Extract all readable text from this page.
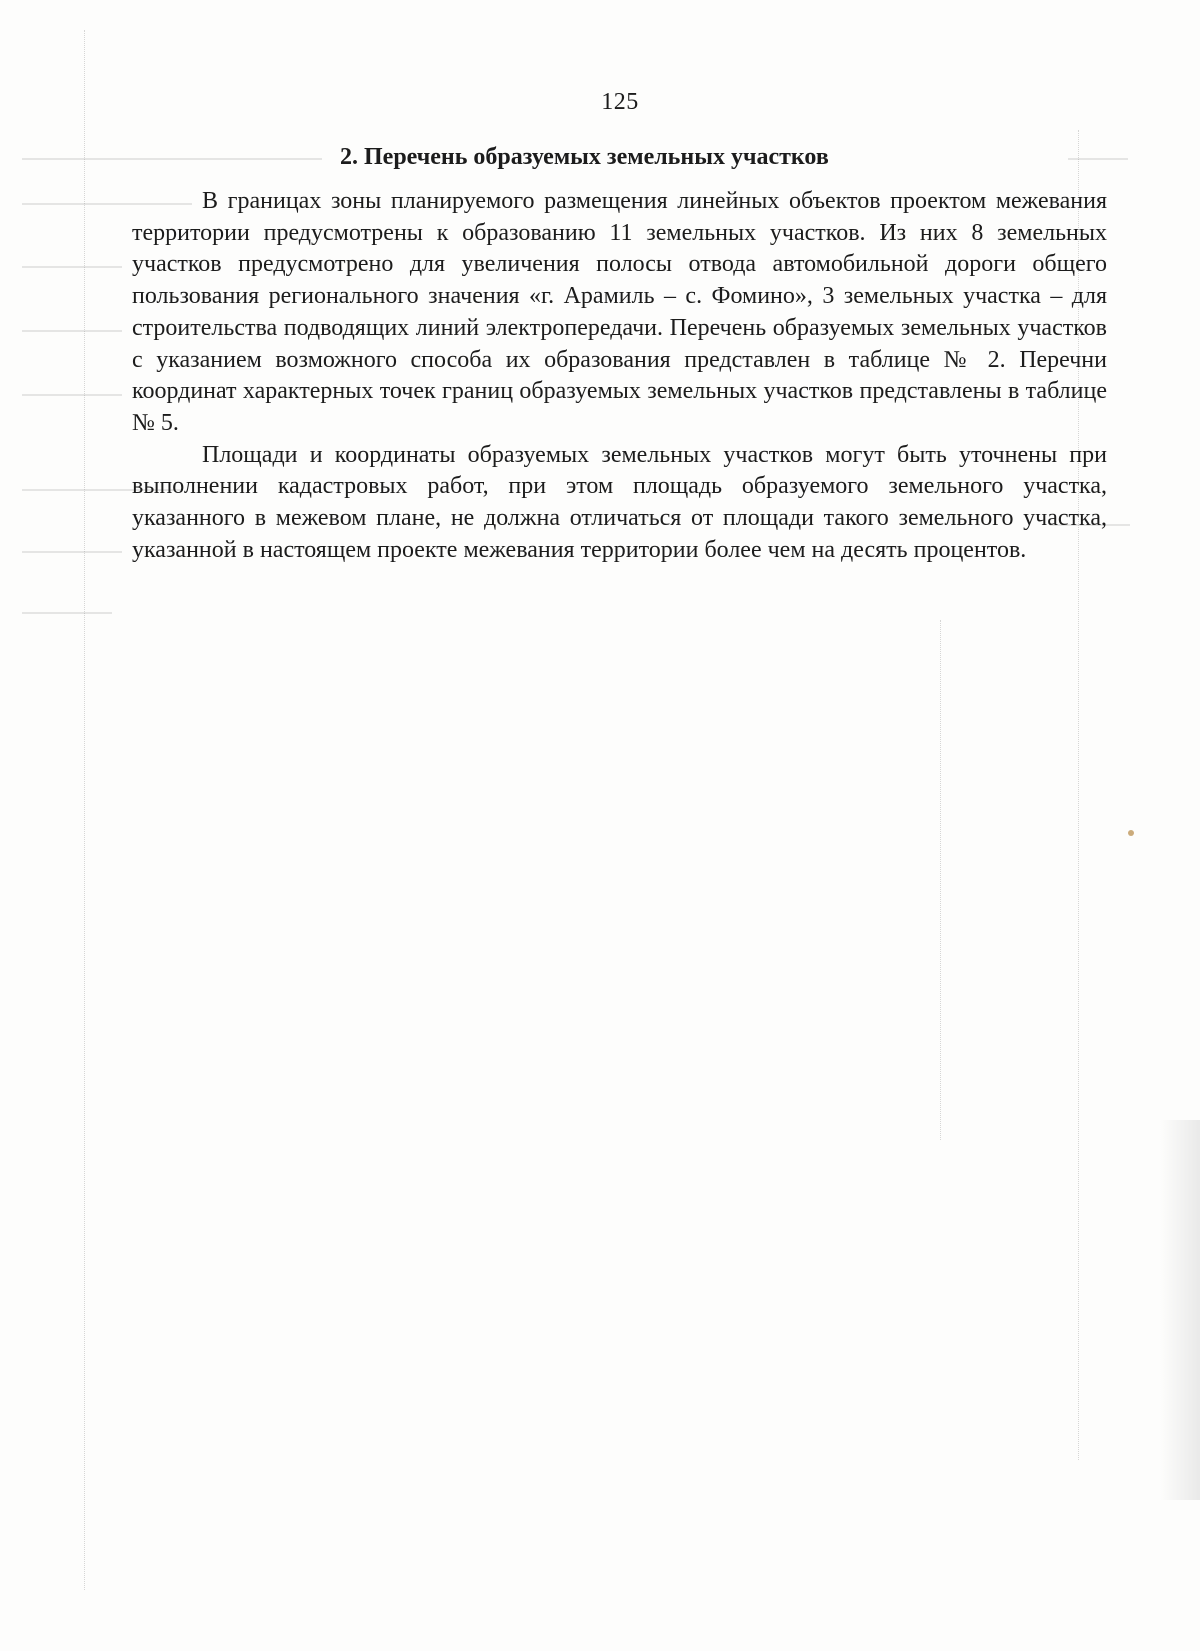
125
2. Перечень образуемых земельных участков

В границах зоны планируемого размещения линейных объектов проектом межевания территории предусмотрены к образованию 11 земельных участков. Из них 8 земельных участков предусмотрено для увеличения полосы отвода автомобильной дороги общего пользования регионального значения «г. Арамиль – с. Фомино», 3 земельных участка – для строительства подводящих линий электропередачи. Перечень образуемых земельных участков с указанием возможного способа их образования представлен в таблице № 2. Перечни координат характерных точек границ образуемых земельных участков представлены в таблице № 5.

Площади и координаты образуемых земельных участков могут быть уточнены при выполнении кадастровых работ, при этом площадь образуемого земельного участка, указанного в межевом плане, не должна отличаться от площади такого земельного участка, указанной в настоящем проекте межевания территории более чем на десять процентов.
